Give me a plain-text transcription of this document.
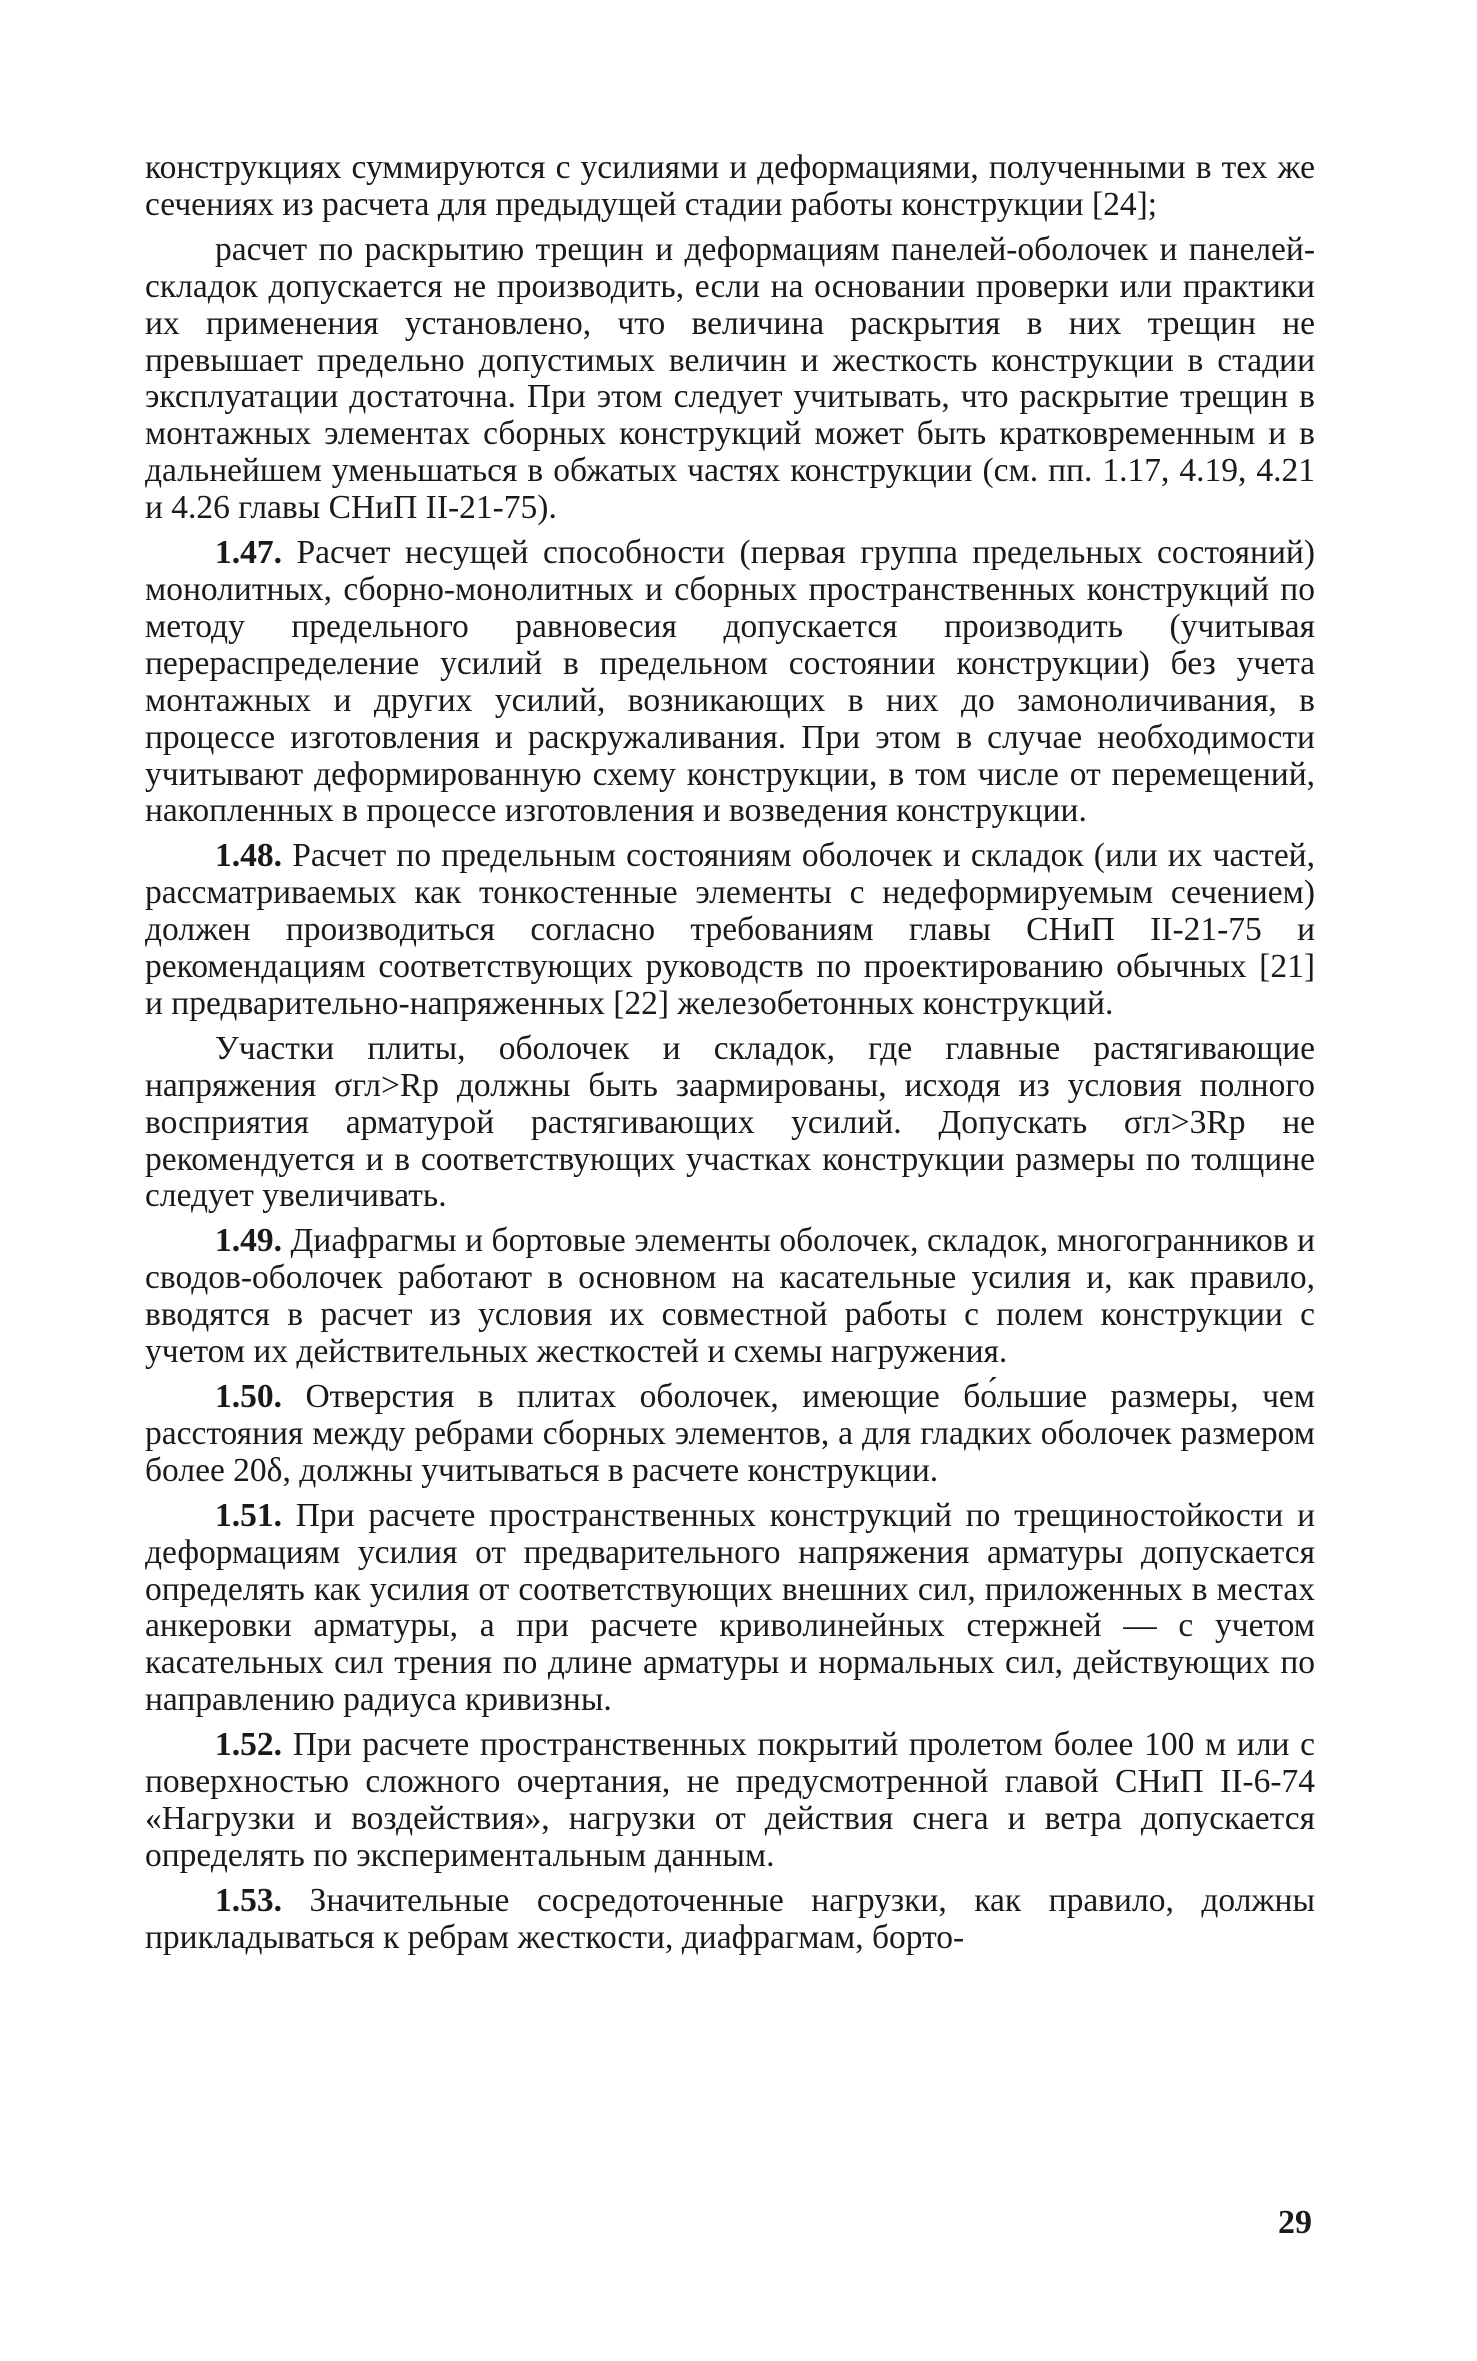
конструкциях суммируются с усилиями и деформациями, полученными в тех же сечениях из расчета для предыдущей стадии работы конструкции [24];

расчет по раскрытию трещин и деформациям панелей-оболочек и панелей-складок допускается не производить, если на основании проверки или практики их применения установлено, что величина раскрытия в них трещин не превышает предельно допустимых величин и жесткость конструкции в стадии эксплуатации достаточна. При этом следует учитывать, что раскрытие трещин в монтажных элементах сборных конструкций может быть кратковременным и в дальнейшем уменьшаться в обжатых частях конструкции (см. пп. 1.17, 4.19, 4.21 и 4.26 главы СНиП II-21-75).

1.47. Расчет несущей способности (первая группа предельных состояний) монолитных, сборно-монолитных и сборных пространственных конструкций по методу предельного равновесия допускается производить (учитывая перераспределение усилий в предельном состоянии конструкции) без учета монтажных и других усилий, возникающих в них до замоноличивания, в процессе изготовления и раскружаливания. При этом в случае необходимости учитывают деформированную схему конструкции, в том числе от перемещений, накопленных в процессе изготовления и возведения конструкции.

1.48. Расчет по предельным состояниям оболочек и складок (или их частей, рассматриваемых как тонкостенные элементы с недеформируемым сечением) должен производиться согласно требованиям главы СНиП II-21-75 и рекомендациям соответствующих руководств по проектированию обычных [21] и предварительно-напряженных [22] железобетонных конструкций.

Участки плиты, оболочек и складок, где главные растягивающие напряжения σгл>Rр должны быть заармированы, исходя из условия полного восприятия арматурой растягивающих усилий. Допускать σгл>3Rр не рекомендуется и в соответствующих участках конструкции размеры по толщине следует увеличивать.

1.49. Диафрагмы и бортовые элементы оболочек, складок, многогранников и сводов-оболочек работают в основном на касательные усилия и, как правило, вводятся в расчет из условия их совместной работы с полем конструкции с учетом их действительных жесткостей и схемы нагружения.

1.50. Отверстия в плитах оболочек, имеющие бо́льшие размеры, чем расстояния между ребрами сборных элементов, а для гладких оболочек размером более 20δ, должны учитываться в расчете конструкции.

1.51. При расчете пространственных конструкций по трещиностойкости и деформациям усилия от предварительного напряжения арматуры допускается определять как усилия от соответствующих внешних сил, приложенных в местах анкеровки арматуры, а при расчете криволинейных стержней — с учетом касательных сил трения по длине арматуры и нормальных сил, действующих по направлению радиуса кривизны.

1.52. При расчете пространственных покрытий пролетом более 100 м или с поверхностью сложного очертания, не предусмотренной главой СНиП II-6-74 «Нагрузки и воздействия», нагрузки от действия снега и ветра допускается определять по экспериментальным данным.

1.53. Значительные сосредоточенные нагрузки, как правило, должны прикладываться к ребрам жесткости, диафрагмам, борто-

29
